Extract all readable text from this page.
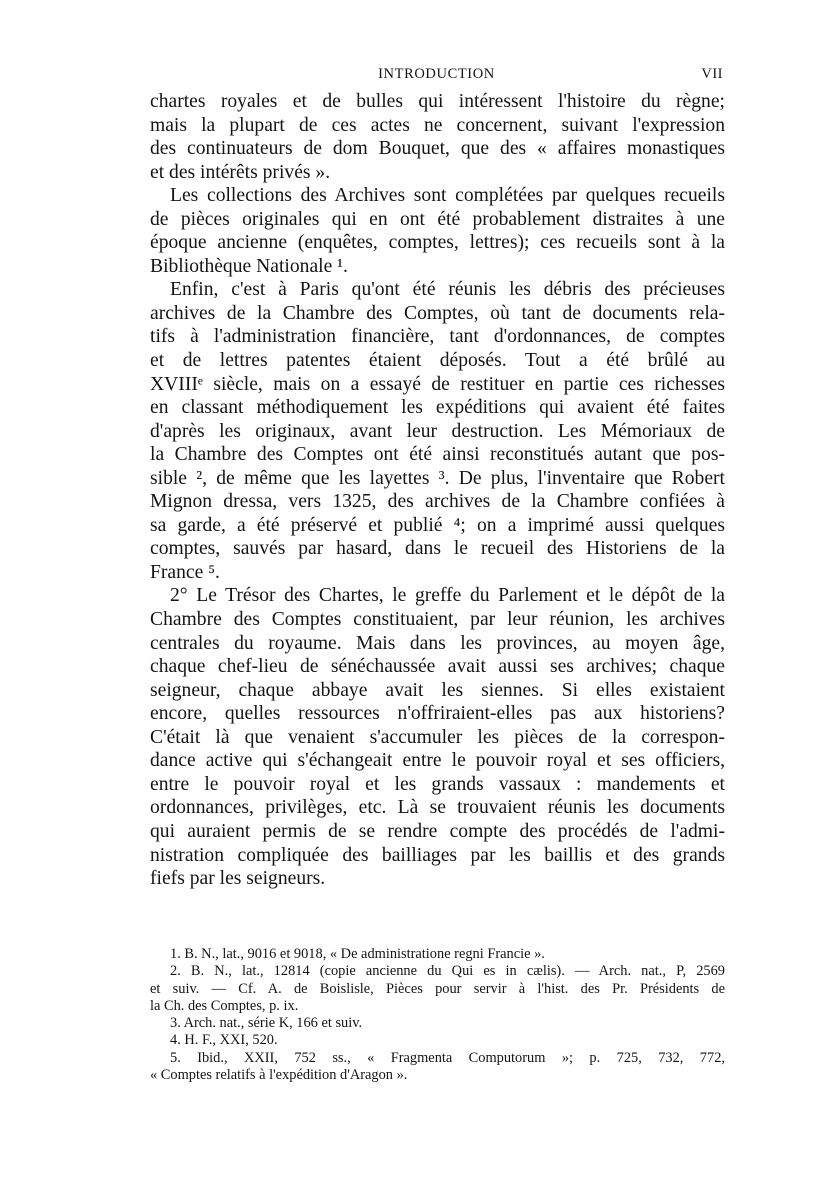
INTRODUCTION	VII
chartes royales et de bulles qui intéressent l'histoire du règne;
mais la plupart de ces actes ne concernent, suivant l'expression
des continuateurs de dom Bouquet, que des « affaires monastiques
et des intérêts privés ».
Les collections des Archives sont complétées par quelques recueils
de pièces originales qui en ont été probablement distraites à une
époque ancienne (enquêtes, comptes, lettres); ces recueils sont à la
Bibliothèque Nationale ¹.
Enfin, c'est à Paris qu'ont été réunis les débris des précieuses
archives de la Chambre des Comptes, où tant de documents rela-
tifs à l'administration financière, tant d'ordonnances, de comptes
et de lettres patentes étaient déposés. Tout a été brûlé au
XVIIIᵉ siècle, mais on a essayé de restituer en partie ces richesses
en classant méthodiquement les expéditions qui avaient été faites
d'après les originaux, avant leur destruction. Les Mémoriaux de
la Chambre des Comptes ont été ainsi reconstitués autant que pos-
sible ², de même que les layettes ³. De plus, l'inventaire que Robert
Mignon dressa, vers 1325, des archives de la Chambre confiées à
sa garde, a été préservé et publié ⁴; on a imprimé aussi quelques
comptes, sauvés par hasard, dans le recueil des Historiens de la
France ⁵.
2° Le Trésor des Chartes, le greffe du Parlement et le dépôt de la
Chambre des Comptes constituaient, par leur réunion, les archives
centrales du royaume. Mais dans les provinces, au moyen âge,
chaque chef-lieu de sénéchaussée avait aussi ses archives; chaque
seigneur, chaque abbaye avait les siennes. Si elles existaient
encore, quelles ressources n'offriraient-elles pas aux historiens?
C'était là que venaient s'accumuler les pièces de la correspon-
dance active qui s'échangeait entre le pouvoir royal et ses officiers,
entre le pouvoir royal et les grands vassaux : mandements et
ordonnances, privilèges, etc. Là se trouvaient réunis les documents
qui auraient permis de se rendre compte des procédés de l'admi-
nistration compliquée des bailliages par les baillis et des grands
fiefs par les seigneurs.
1. B. N., lat., 9016 et 9018, « De administratione regni Francie ».
2. B. N., lat., 12814 (copie ancienne du Qui es in cælis). — Arch. nat., P, 2569
et suiv. — Cf. A. de Boislisle, Pièces pour servir à l'hist. des Pr. Présidents de
la Ch. des Comptes, p. ix.
3. Arch. nat., série K, 166 et suiv.
4. H. F., XXI, 520.
5. Ibid., XXII, 752 ss., « Fragmenta Computorum »; p. 725, 732, 772,
« Comptes relatifs à l'expédition d'Aragon ».
